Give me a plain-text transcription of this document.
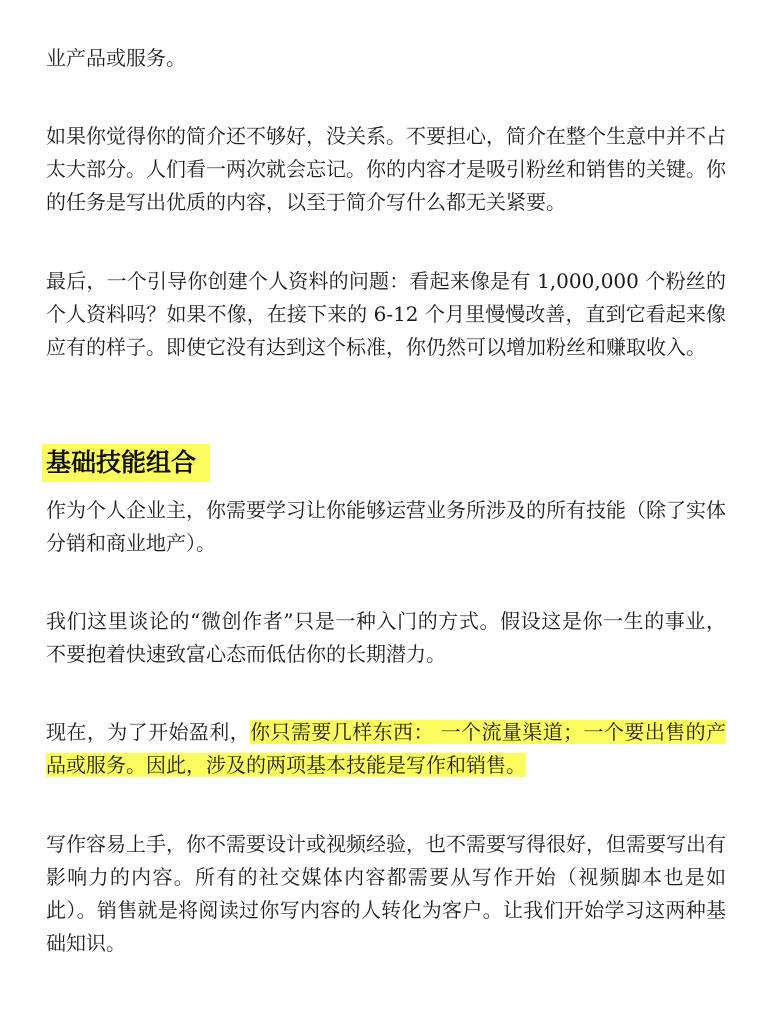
业产品或服务。

如果你觉得你的简介还不够好，没关系。不要担心，简介在整个生意中并不占太大部分。人们看一两次就会忘记。你的内容才是吸引粉丝和销售的关键。你的任务是写出优质的内容，以至于简介写什么都无关紧要。

最后，一个引导你创建个人资料的问题：看起来像是有 1,000,000 个粉丝的个人资料吗？如果不像，在接下来的 6-12 个月里慢慢改善，直到它看起来像应有的样子。即使它没有达到这个标准，你仍然可以增加粉丝和赚取收入。

基础技能组合

作为个人企业主，你需要学习让你能够运营业务所涉及的所有技能（除了实体分销和商业地产）。

我们这里谈论的“微创作者”只是一种入门的方式。假设这是你一生的事业，不要抱着快速致富心态而低估你的长期潜力。

现在，为了开始盈利，你只需要几样东西： 一个流量渠道；一个要出售的产品或服务。因此，涉及的两项基本技能是写作和销售。

写作容易上手，你不需要设计或视频经验，也不需要写得很好，但需要写出有影响力的内容。所有的社交媒体内容都需要从写作开始（视频脚本也是如此）。销售就是将阅读过你写内容的人转化为客户。让我们开始学习这两种基础知识。
